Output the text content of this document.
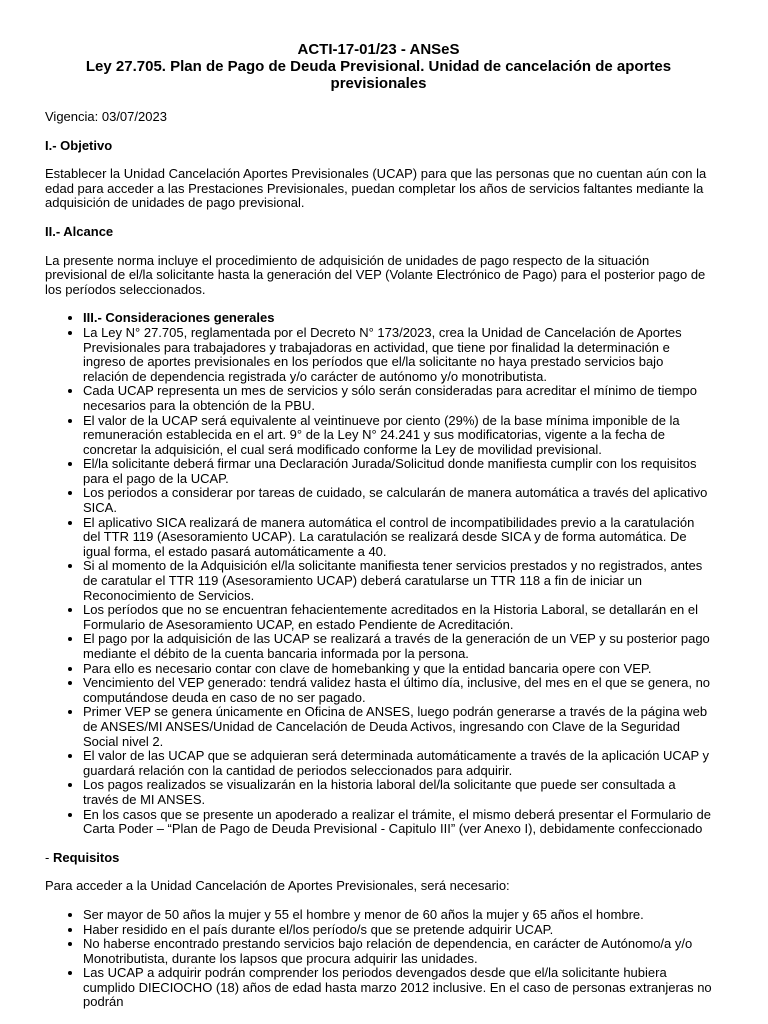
ACTI-17-01/23 - ANSeS
Ley 27.705. Plan de Pago de Deuda Previsional. Unidad de cancelación de aportes previsionales

Vigencia: 03/07/2023

I.- Objetivo

Establecer la Unidad Cancelación Aportes Previsionales (UCAP) para que las personas que no cuentan aún con la edad para acceder a las Prestaciones Previsionales, puedan completar los años de servicios faltantes mediante la adquisición de unidades de pago previsional.

II.- Alcance

La presente norma incluye el procedimiento de adquisición de unidades de pago respecto de la situación previsional de el/la solicitante hasta la generación del VEP (Volante Electrónico de Pago) para el posterior pago de los períodos seleccionados.

• III.- Consideraciones generales
• La Ley N° 27.705, reglamentada por el Decreto N° 173/2023, crea la Unidad de Cancelación de Aportes Previsionales para trabajadores y trabajadoras en actividad, que tiene por finalidad la determinación e ingreso de aportes previsionales en los períodos que el/la solicitante no haya prestado servicios bajo relación de dependencia registrada y/o carácter de autónomo y/o monotributista.
• Cada UCAP representa un mes de servicios y sólo serán consideradas para acreditar el mínimo de tiempo necesarios para la obtención de la PBU.
• El valor de la UCAP será equivalente al veintinueve por ciento (29%) de la base mínima imponible de la remuneración establecida en el art. 9° de la Ley N° 24.241 y sus modificatorias, vigente a la fecha de concretar la adquisición, el cual será modificado conforme la Ley de movilidad previsional.
• El/la solicitante deberá firmar una Declaración Jurada/Solicitud donde manifiesta cumplir con los requisitos para el pago de la UCAP.
• Los periodos a considerar por tareas de cuidado, se calcularán de manera automática a través del aplicativo SICA.
• El aplicativo SICA realizará de manera automática el control de incompatibilidades previo a la caratulación del TTR 119 (Asesoramiento UCAP). La caratulación se realizará desde SICA y de forma automática. De igual forma, el estado pasará automáticamente a 40.
• Si al momento de la Adquisición el/la solicitante manifiesta tener servicios prestados y no registrados, antes de caratular el TTR 119 (Asesoramiento UCAP) deberá caratularse un TTR 118 a fin de iniciar un Reconocimiento de Servicios.
• Los períodos que no se encuentran fehacientemente acreditados en la Historia Laboral, se detallarán en el Formulario de Asesoramiento UCAP, en estado Pendiente de Acreditación.
• El pago por la adquisición de las UCAP se realizará a través de la generación de un VEP y su posterior pago mediante el débito de la cuenta bancaria informada por la persona.
• Para ello es necesario contar con clave de homebanking y que la entidad bancaria opere con VEP.
• Vencimiento del VEP generado: tendrá validez hasta el último día, inclusive, del mes en el que se genera, no computándose deuda en caso de no ser pagado.
• Primer VEP se genera únicamente en Oficina de ANSES, luego podrán generarse a través de la página web de ANSES/MI ANSES/Unidad de Cancelación de Deuda Activos, ingresando con Clave de la Seguridad Social nivel 2.
• El valor de las UCAP que se adquieran será determinada automáticamente a través de la aplicación UCAP y guardará relación con la cantidad de periodos seleccionados para adquirir.
• Los pagos realizados se visualizarán en la historia laboral del/la solicitante que puede ser consultada a través de MI ANSES.
• En los casos que se presente un apoderado a realizar el trámite, el mismo deberá presentar el Formulario de Carta Poder – “Plan de Pago de Deuda Previsional - Capitulo III” (ver Anexo I), debidamente confeccionado
- Requisitos

Para acceder a la Unidad Cancelación de Aportes Previsionales, será necesario:

• Ser mayor de 50 años la mujer y 55 el hombre y menor de 60 años la mujer y 65 años el hombre.
• Haber residido en el país durante el/los período/s que se pretende adquirir UCAP.
• No haberse encontrado prestando servicios bajo relación de dependencia, en carácter de Autónomo/a y/o Monotributista, durante los lapsos que procura adquirir las unidades.
• Las UCAP a adquirir podrán comprender los periodos devengados desde que el/la solicitante hubiera cumplido DIECIOCHO (18) años de edad hasta marzo 2012 inclusive. En el caso de personas extranjeras no podrán
